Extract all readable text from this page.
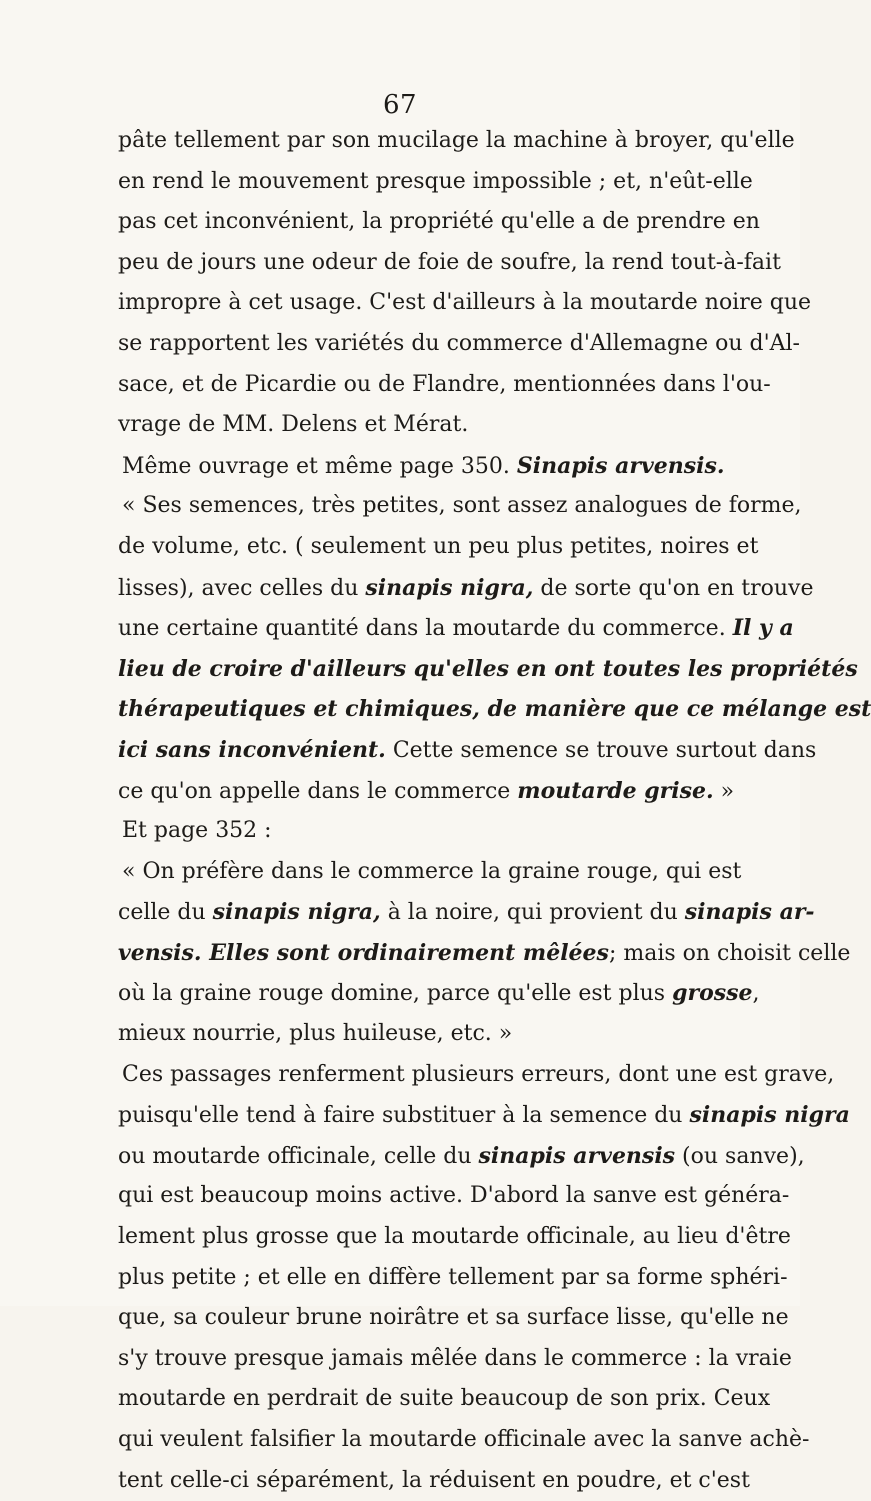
67
pâte tellement par son mucilage la machine à broyer, qu'elle
en rend le mouvement presque impossible ; et, n'eût-elle
pas cet inconvénient, la propriété qu'elle a de prendre en
peu de jours une odeur de foie de soufre, la rend tout-à-fait
impropre à cet usage. C'est d'ailleurs à la moutarde noire que
se rapportent les variétés du commerce d'Allemagne ou d'Al-
sace, et de Picardie ou de Flandre, mentionnées dans l'ou-
vrage de MM. Delens et Mérat.
Même ouvrage et même page 350. Sinapis arvensis.
« Ses semences, très petites, sont assez analogues de forme,
de volume, etc. ( seulement un peu plus petites, noires et
lisses), avec celles du sinapis nigra, de sorte qu'on en trouve
une certaine quantité dans la moutarde du commerce. Il y a
lieu de croire d'ailleurs qu'elles en ont toutes les propriétés
thérapeutiques et chimiques, de manière que ce mélange est
ici sans inconvénient. Cette semence se trouve surtout dans
ce qu'on appelle dans le commerce moutarde grise. »
Et page 352 :
« On préfère dans le commerce la graine rouge, qui est
celle du sinapis nigra, à la noire, qui provient du sinapis ar-
vensis. Elles sont ordinairement mêlées; mais on choisit celle
où la graine rouge domine, parce qu'elle est plus grosse,
mieux nourrie, plus huileuse, etc. »
Ces passages renferment plusieurs erreurs, dont une est grave,
puisqu'elle tend à faire substituer à la semence du sinapis nigra
ou moutarde officinale, celle du sinapis arvensis (ou sanve),
qui est beaucoup moins active. D'abord la sanve est généra-
lement plus grosse que la moutarde officinale, au lieu d'être
plus petite ; et elle en diffère tellement par sa forme sphéri-
que, sa couleur brune noirâtre et sa surface lisse, qu'elle ne
s'y trouve presque jamais mêlée dans le commerce : la vraie
moutarde en perdrait de suite beaucoup de son prix. Ceux
qui veulent falsifier la moutarde officinale avec la sanve achè-
tent celle-ci séparément, la réduisent en poudre, et c'est
